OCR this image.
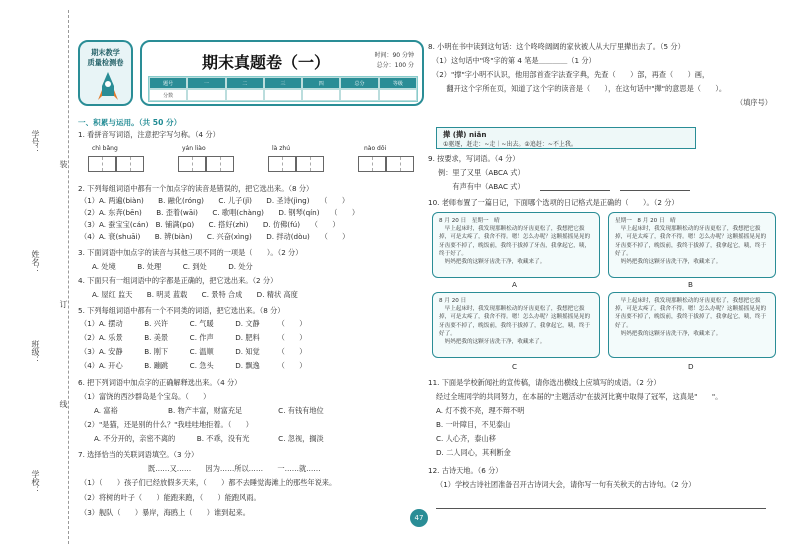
学号：
姓名：
班级：
学校：
装
订
线
期末教学
质量检测卷	期末真题卷（一）	时间：90 分钟
总分：100 分
题号	一	二	三	四	总分	等级
分数
一、积累与运用。（共 50 分）
1. 看拼音写词语，注意把字写匀称。（4 分）
chì bǎng	yán liào	là zhú	nào dōi
2. 下列每组词语中都有一个加点字的读音是错误的，把它选出来。（8 分）
（1）A. 两遍(biàn)　　B. 融化(róng)　　C. 儿子(jǐ)　　D. 圣诗(jìng)　　（　　）
（2）A. 东奔(bēn)　　B. 歪着(wāi)　　C. 歌唱(chàng)　　D. 钢琴(qín)　　（　　）
（3）A. 蚕宝宝(cán)　B. 铺满(pū)　　C. 搭好(zhì)　　D. 仿佛(fú)　　（　　）
（4）A. 衰(shuāi)　　B. 辨(biàn)　　C. 兴奋(xìng)　　D. 拌动(dòu)　　（　　）
3. 下面词语中加点字的读音与其他三项不同的一项是（　　）。（2 分）
A. 处境　　　B. 处理　　　C. 到处　　　D. 处分
4. 下面只有一组词语中的字都是正确的，把它选出来。（2 分）
A. 屋红 监天　　B. 明灵 蓝载　　C. 景特 合成　　D. 精状 高度
5. 下列每组词语中都有一个不同类的词语，把它选出来。（8 分）
（1）A. 摆动　　　B. 兴许　　　C. 气暖　　　D. 文静　　　（　　）
（2）A. 乐景　　　B. 美景　　　C. 作声　　　D. 肥料　　　（　　）
（3）A. 安静　　　B. 刚下　　　C. 温顺　　　D. 知觉　　　（　　）
（4）A. 开心　　　B. 蹦跳　　　C. 急头　　　D. 飘逸　　　（　　）
6. 把下列词语中加点字的正确解释选出来。（4 分）
（1）富饶的西沙群岛是个宝岛。（　　）
A. 富裕　　　　　　　B. 物产丰富，财富充足　　　　　C. 有钱有地位
（2）"是猫，还是别的什么？"我哇哇地拒着。（　　）
A. 不分开的，亲密不离的　　　B. 不乖，没有光　　　　C. 忽视，搁淡
7. 选择恰当的关联词语填空。（3 分）
既……又……　　因为……所以……　　一……就……
（1）（　　）孩子们已经放假多天来，（　　）都不去睡觉海滩上的那些年说来。
（2）将树的叶子（　　）能跑来跑，（　　）能跑风雨。
（3）舰队（　　）暴岸，海鸥上（　　）谁到起来。
47
8. 小明在书中读到这句话：这个咚咚阔阔的家伙被人从大厅里撵出去了。（5 分）
（1）这句话中"咚"字的第 4 笔是＿＿＿＿（1 分）
（2）"撑"字小明不认识，他用部首查字法查字典，先查（　　）部，再查（　　）画，
　　翻开这个字所在页，知道了这个字的读音是（　　），在这句话中"撵"的意思是（　　）。
（填序号）
撵 (撵) niǎn
①驱逐，赶走：~走｜~出去。②追赶：~不上我。
9. 按要求，写词语。（4 分）
例：里了又里（ABCA 式）
　　有声有中（ABAC 式）
10. 老师布置了一篇日记，下面哪个选项的日记格式是正确的（　　）。（2 分）
8 月 20 日　星期一　晴
　早上起床时，我发现那颗松动的牙齿更松了，我想把它拔掉，可是太疼了，我舍不得。嗯！怎么办呢？这颗摇摇晃晃的牙齿要不掉了，晚饭前，我终于拔掉了牙齿，我拿起它，咦，终于好了。
　妈妈把我的这颗牙齿洗干净，收藏来了。
星期一　8 月 20 日　晴
　早上起床时，我发现那颗松动的牙齿更松了，我想把它拔掉，可是太疼了，我舍不得。嗯！怎么办呢？这颗摇摇晃晃的牙齿要不掉了，晚饭前，我终于拔掉了，我拿起它，咦，终于好了。
　妈妈把我的这颗牙齿洗干净，收藏来了。
A	B
8 月 20 日
　早上起床时，我发现那颗松动的牙齿更松了，我想把它拔掉，可是太疼了，我舍不得。嗯！怎么办呢？这颗摇摇晃晃的牙齿要不掉了，晚饭前，我终于拔掉了，我拿起它，咦，终于好了。
　妈妈把我的这颗牙齿洗干净，收藏来了。
　早上起床时，我发现那颗松动的牙齿更松了，我想把它拔掉，可是太疼了，我舍不得。嗯！怎么办呢？这颗摇摇晃晃的牙齿要不掉了，晚饭前，我终于拔掉了，我拿起它，咦，终于好了。
　妈妈把我的这颗牙齿洗干净，收藏来了。
C	D
11. 下面是学校新闻社的宣传稿，请你选出横线上应填写的成语。（2 分）
经过全班同学的共同努力，在本届的"主题活动"在拔河比赛中取得了冠军，这真是"　　"。
A. 灯不拨不亮，理不辩不明
B. 一叶障目，不见泰山
C. 人心齐，泰山移
D. 二人同心，其利断金
12. 古诗天地。（6 分）
（1）学校古诗社团准备召开古诗词大会，请你写一句有关秋天的古诗句。（2 分）
